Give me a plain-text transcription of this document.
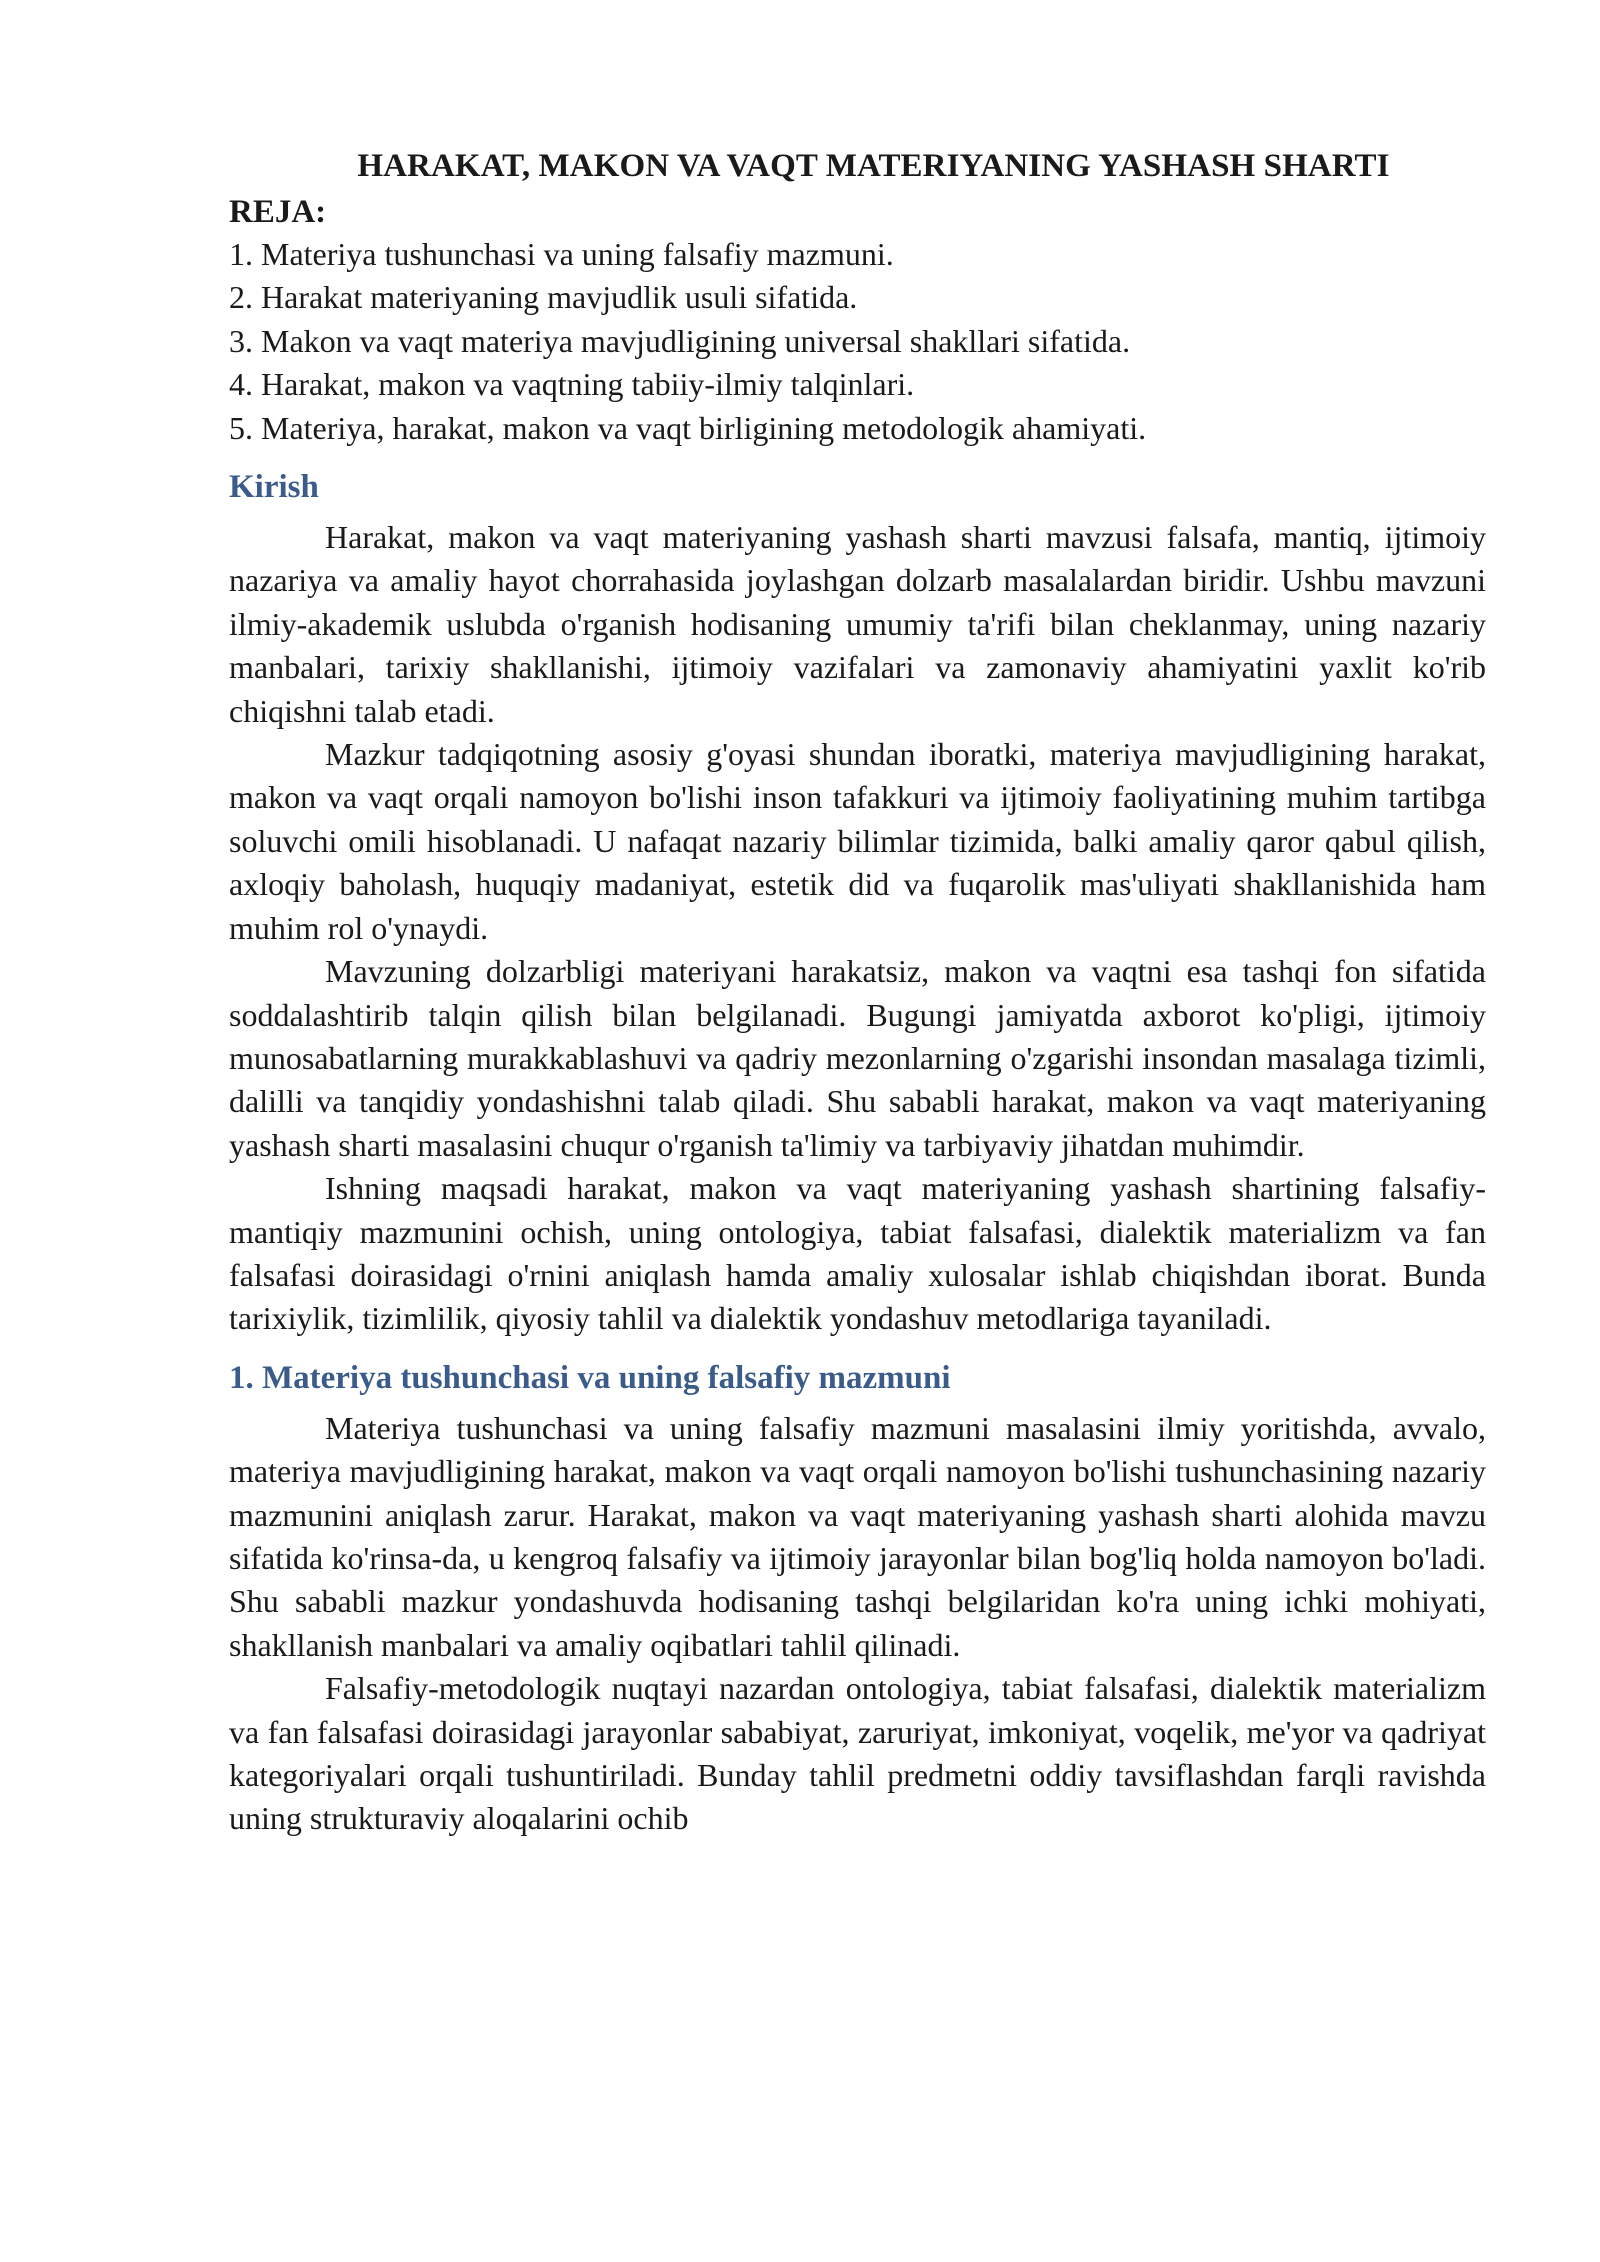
HARAKAT, MAKON VA VAQT MATERIYANING YASHASH SHARTI
REJA:
1. Materiya tushunchasi va uning falsafiy mazmuni.
2. Harakat materiyaning mavjudlik usuli sifatida.
3. Makon va vaqt materiya mavjudligining universal shakllari sifatida.
4. Harakat, makon va vaqtning tabiiy-ilmiy talqinlari.
5. Materiya, harakat, makon va vaqt birligining metodologik ahamiyati.
Kirish

Harakat, makon va vaqt materiyaning yashash sharti mavzusi falsafa, mantiq, ijtimoiy nazariya va amaliy hayot chorrahasida joylashgan dolzarb masalalardan biridir. Ushbu mavzuni ilmiy-akademik uslubda o'rganish hodisaning umumiy ta'rifi bilan cheklanmay, uning nazariy manbalari, tarixiy shakllanishi, ijtimoiy vazifalari va zamonaviy ahamiyatini yaxlit ko'rib chiqishni talab etadi.

Mazkur tadqiqotning asosiy g'oyasi shundan iboratki, materiya mavjudligining harakat, makon va vaqt orqali namoyon bo'lishi inson tafakkuri va ijtimoiy faoliyatining muhim tartibga soluvchi omili hisoblanadi. U nafaqat nazariy bilimlar tizimida, balki amaliy qaror qabul qilish, axloqiy baholash, huquqiy madaniyat, estetik did va fuqarolik mas'uliyati shakllanishida ham muhim rol o'ynaydi.

Mavzuning dolzarbligi materiyani harakatsiz, makon va vaqtni esa tashqi fon sifatida soddalashtirib talqin qilish bilan belgilanadi. Bugungi jamiyatda axborot ko'pligi, ijtimoiy munosabatlarning murakkablashuvi va qadriy mezonlarning o'zgarishi insondan masalaga tizimli, dalilli va tanqidiy yondashishni talab qiladi. Shu sababli harakat, makon va vaqt materiyaning yashash sharti masalasini chuqur o'rganish ta'limiy va tarbiyaviy jihatdan muhimdir.

Ishning maqsadi harakat, makon va vaqt materiyaning yashash shartining falsafiy-mantiqiy mazmunini ochish, uning ontologiya, tabiat falsafasi, dialektik materializm va fan falsafasi doirasidagi o'rnini aniqlash hamda amaliy xulosalar ishlab chiqishdan iborat. Bunda tarixiylik, tizimlilik, qiyosiy tahlil va dialektik yondashuv metodlariga tayaniladi.

1. Materiya tushunchasi va uning falsafiy mazmuni

Materiya tushunchasi va uning falsafiy mazmuni masalasini ilmiy yoritishda, avvalo, materiya mavjudligining harakat, makon va vaqt orqali namoyon bo'lishi tushunchasining nazariy mazmunini aniqlash zarur. Harakat, makon va vaqt materiyaning yashash sharti alohida mavzu sifatida ko'rinsa-da, u kengroq falsafiy va ijtimoiy jarayonlar bilan bog'liq holda namoyon bo'ladi. Shu sababli mazkur yondashuvda hodisaning tashqi belgilaridan ko'ra uning ichki mohiyati, shakllanish manbalari va amaliy oqibatlari tahlil qilinadi.

Falsafiy-metodologik nuqtayi nazardan ontologiya, tabiat falsafasi, dialektik materializm va fan falsafasi doirasidagi jarayonlar sababiyat, zaruriyat, imkoniyat, voqelik, me'yor va qadriyat kategoriyalari orqali tushuntiriladi. Bunday tahlil predmetni oddiy tavsiflashdan farqli ravishda uning strukturaviy aloqalarini ochib
